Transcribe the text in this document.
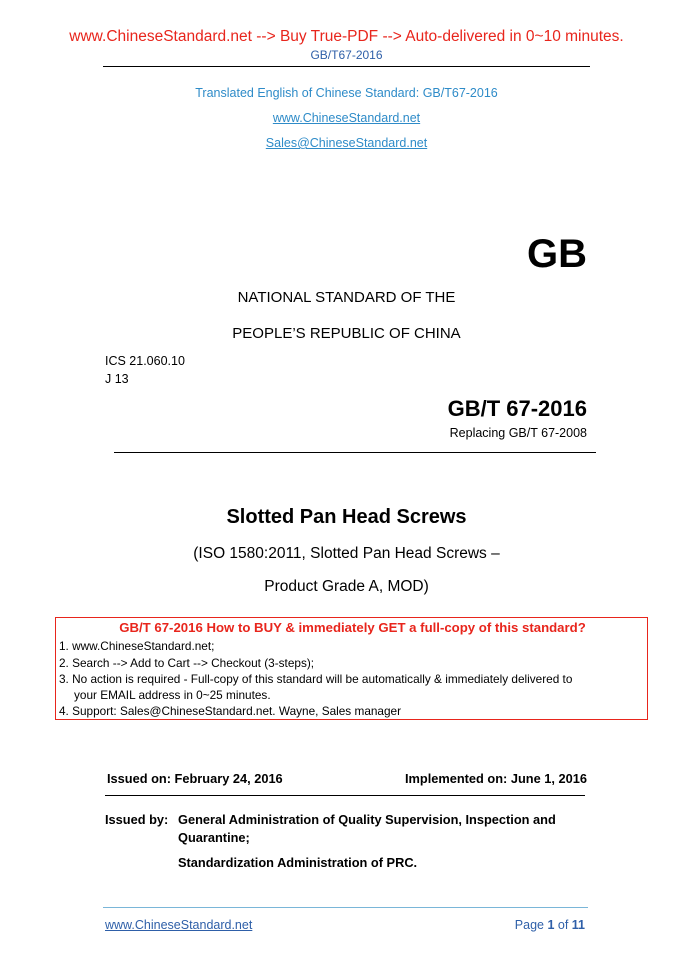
www.ChineseStandard.net --> Buy True-PDF --> Auto-delivered in 0~10 minutes.
GB/T67-2016
Translated English of Chinese Standard: GB/T67-2016
www.ChineseStandard.net
Sales@ChineseStandard.net
GB
NATIONAL STANDARD OF THE
PEOPLE’S REPUBLIC OF CHINA
ICS 21.060.10
J 13
GB/T 67-2016
Replacing GB/T 67-2008
Slotted Pan Head Screws
(ISO 1580:2011, Slotted Pan Head Screws –
Product Grade A, MOD)
GB/T 67-2016 How to BUY & immediately GET a full-copy of this standard?
1. www.ChineseStandard.net;
2. Search --> Add to Cart --> Checkout (3-steps);
3. No action is required - Full-copy of this standard will be automatically & immediately delivered to
your EMAIL address in 0~25 minutes.
4. Support: Sales@ChineseStandard.net. Wayne, Sales manager
Issued on: February 24, 2016	Implemented on: June 1, 2016
Issued by: General Administration of Quality Supervision, Inspection and
Quarantine;
Standardization Administration of PRC.
www.ChineseStandard.net	Page 1 of 11
